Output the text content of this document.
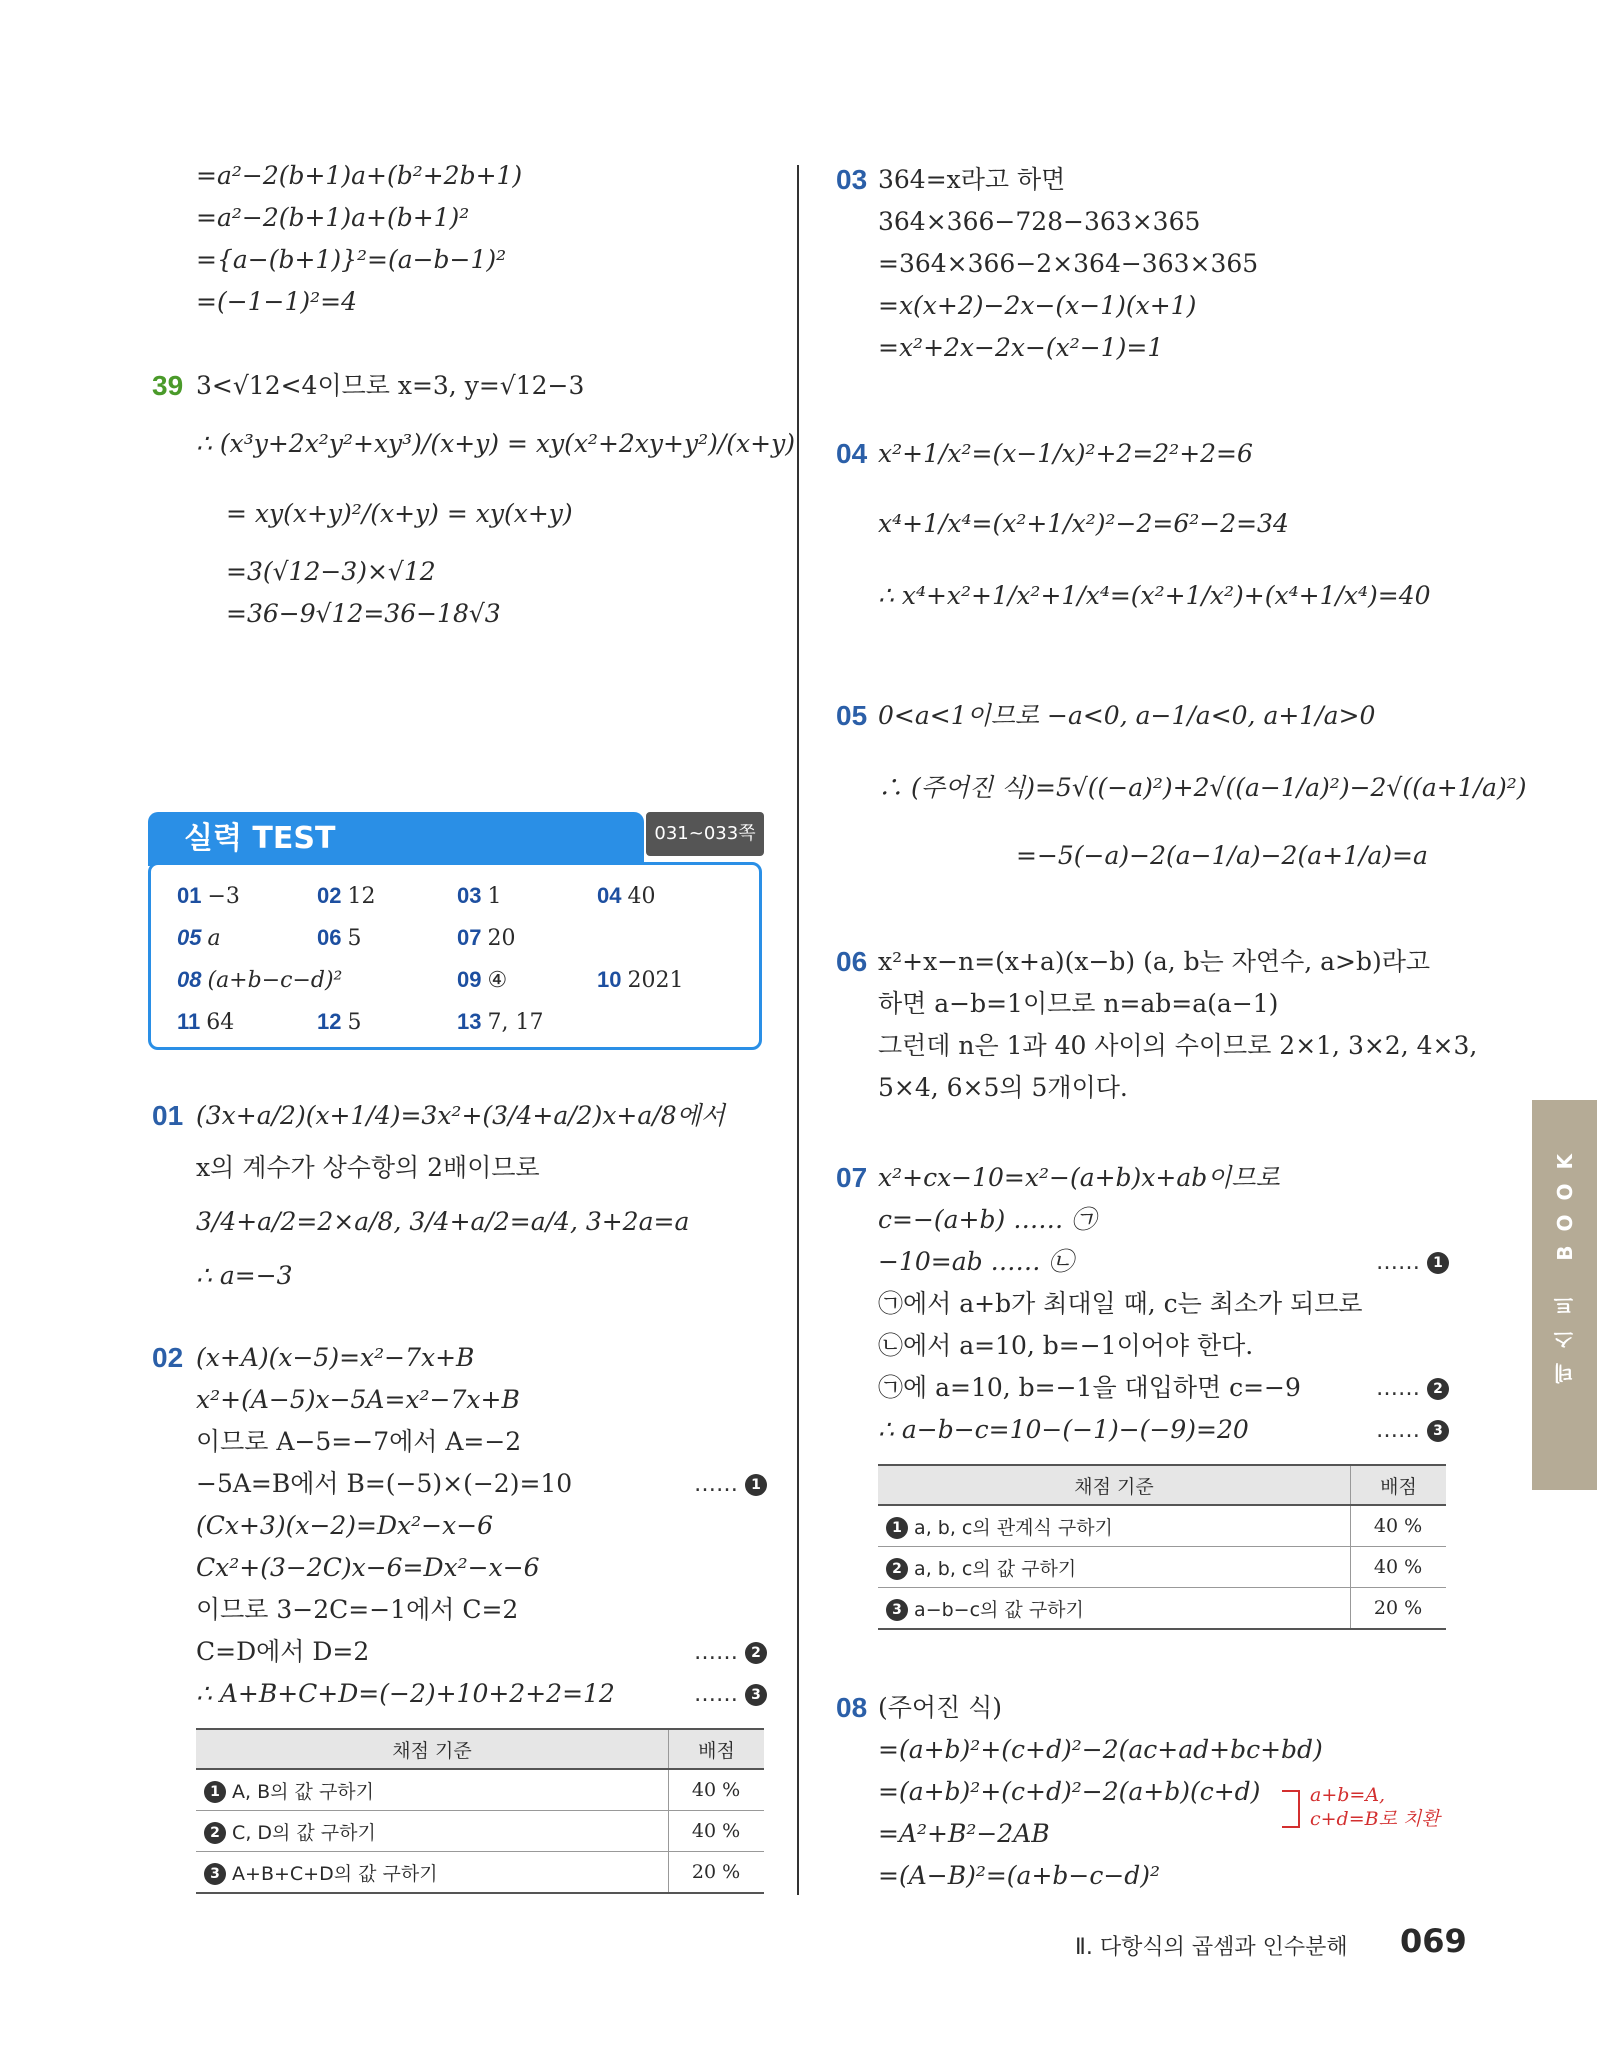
=a²−2(b+1)a+(b²+2b+1)
=a²−2(b+1)a+(b+1)²
={a−(b+1)}²=(a−b−1)²
=(−1−1)²=4
39 3<√12<4이므로 x=3, y=√12−3
∴ (x³y+2x²y²+xy³)/(x+y) = xy(x²+2xy+y²)/(x+y)
= xy(x+y)²/(x+y) = xy(x+y)
=3(√12−3)×√12
=36−9√12=36−18√3
실력 TEST	031~033쪽
01 −3	02 12	03 1	04 40
05 a	06 5	07 20
08 (a+b−c−d)²	09 ④	10 2021
11 64	12 5	13 7, 17
01 (3x+a/2)(x+1/4)=3x²+(3/4+a/2)x+a/8에서
x의 계수가 상수항의 2배이므로
3/4+a/2=2×a/8, 3/4+a/2=a/4, 3+2a=a
∴ a=−3
02 (x+A)(x−5)=x²−7x+B
x²+(A−5)x−5A=x²−7x+B
이므로 A−5=−7에서 A=−2
−5A=B에서 B=(−5)×(−2)=10
(Cx+3)(x−2)=Dx²−x−6
Cx²+(3−2C)x−6=Dx²−x−6
이므로 3−2C=−1에서 C=2
C=D에서 D=2
∴ A+B+C+D=(−2)+10+2+2=12
…… 1
…… 2
…… 3
채점 기준	배점
1 A, B의 값 구하기	40 %
2 C, D의 값 구하기	40 %
3 A+B+C+D의 값 구하기	20 %
03 364=x라고 하면
364×366−728−363×365
=364×366−2×364−363×365
=x(x+2)−2x−(x−1)(x+1)
=x²+2x−2x−(x²−1)=1
04 x²+1/x²=(x−1/x)²+2=2²+2=6
x⁴+1/x⁴=(x²+1/x²)²−2=6²−2=34
∴ x⁴+x²+1/x²+1/x⁴=(x²+1/x²)+(x⁴+1/x⁴)=40
05 0<a<1이므로 −a<0, a−1/a<0, a+1/a>0
∴ (주어진 식)=5√((−a)²)+2√((a−1/a)²)−2√((a+1/a)²)
=−5(−a)−2(a−1/a)−2(a+1/a)=a
06 x²+x−n=(x+a)(x−b) (a, b는 자연수, a>b)라고
하면 a−b=1이므로 n=ab=a(a−1)
그런데 n은 1과 40 사이의 수이므로 2×1, 3×2, 4×3,
5×4, 6×5의 5개이다.
07 x²+cx−10=x²−(a+b)x+ab이므로
c=−(a+b) …… ㉠
−10=ab …… ㉡
㉠에서 a+b가 최대일 때, c는 최소가 되므로
㉡에서 a=10, b=−1이어야 한다.
㉠에 a=10, b=−1을 대입하면 c=−9
∴ a−b−c=10−(−1)−(−9)=20
…… 1
…… 2
…… 3
채점 기준	배점
1 a, b, c의 관계식 구하기	40 %
2 a, b, c의 값 구하기	40 %
3 a−b−c의 값 구하기	20 %
08 (주어진 식)
=(a+b)²+(c+d)²−2(ac+ad+bc+bd)
=(a+b)²+(c+d)²−2(a+b)(c+d)
=A²+B²−2AB
=(A−B)²=(a+b−c−d)²
a+b=A,
c+d=B로 치환
테스트 BOOK
Ⅱ. 다항식의 곱셈과 인수분해 069
